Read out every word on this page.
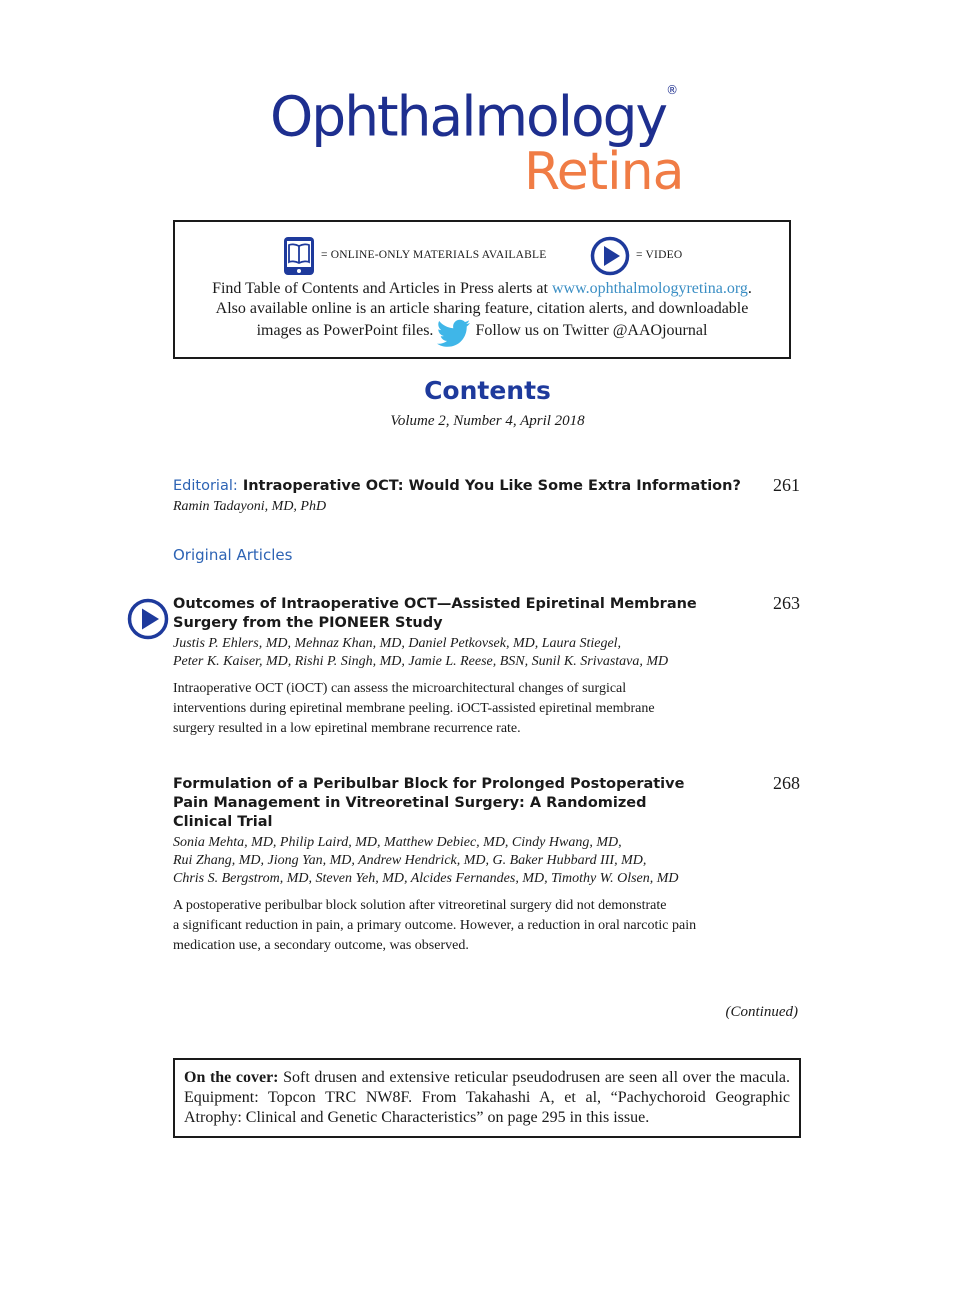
Ophthalmology®
Retina
= ONLINE-ONLY MATERIALS AVAILABLE	= VIDEO
Find Table of Contents and Articles in Press alerts at www.ophthalmologyretina.org.
Also available online is an article sharing feature, citation alerts, and downloadable
images as PowerPoint files.	Follow us on Twitter @AAOjournal
Contents
Volume 2, Number 4, April 2018
Editorial: Intraoperative OCT: Would You Like Some Extra Information?	261
Ramin Tadayoni, MD, PhD
Original Articles
Outcomes of Intraoperative OCT—Assisted Epiretinal Membrane
Surgery from the PIONEER Study
263
Justis P. Ehlers, MD, Mehnaz Khan, MD, Daniel Petkovsek, MD, Laura Stiegel,
Peter K. Kaiser, MD, Rishi P. Singh, MD, Jamie L. Reese, BSN, Sunil K. Srivastava, MD
Intraoperative OCT (iOCT) can assess the microarchitectural changes of surgical
interventions during epiretinal membrane peeling. iOCT-assisted epiretinal membrane
surgery resulted in a low epiretinal membrane recurrence rate.
Formulation of a Peribulbar Block for Prolonged Postoperative
Pain Management in Vitreoretinal Surgery: A Randomized
Clinical Trial
268
Sonia Mehta, MD, Philip Laird, MD, Matthew Debiec, MD, Cindy Hwang, MD,
Rui Zhang, MD, Jiong Yan, MD, Andrew Hendrick, MD, G. Baker Hubbard III, MD,
Chris S. Bergstrom, MD, Steven Yeh, MD, Alcides Fernandes, MD, Timothy W. Olsen, MD
A postoperative peribulbar block solution after vitreoretinal surgery did not demonstrate
a significant reduction in pain, a primary outcome. However, a reduction in oral narcotic pain
medication use, a secondary outcome, was observed.
(Continued)
On the cover: Soft drusen and extensive reticular pseudodrusen are seen all over the macula. Equipment: Topcon TRC NW8F. From Takahashi A, et al, “Pachychoroid Geographic Atrophy: Clinical and Genetic Characteristics” on page 295 in this issue.
